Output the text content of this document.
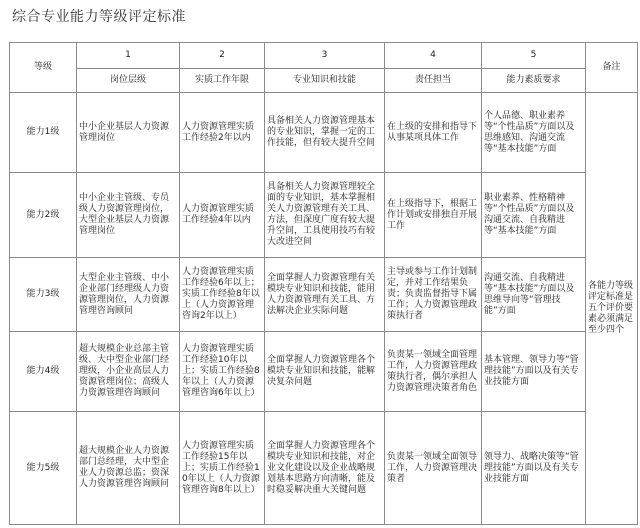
综合专业能力等级评定标准
等级	1	2	3	4	5	备注
	岗位层级	实质工作年限	专业知识和技能	责任担当	能力素质要求	
能力1级	中小企业基层人力资源管理岗位	人力资源管理实质工作经验2年以内	具备相关人力资源管理基本的专业知识，掌握一定的工作技能，但有较大提升空间	在上级的安排和指导下从事某项具体工作	个人品德、职业素养等“个性品质”方面以及思维感知、沟通交流等“基本技能”方面	各能力等级评定标准是五个评价要素必须满足至少四个
能力2级	中小企业主管级、专员级人力资源管理岗位，大型企业基层人力资源管理岗位	人力资源管理实质工作经验4年以内	具备相关人力资源管理较全面的专业知识，基本掌握相关人力资源管理有关工具、方法，但深度广度有较大提升空间，工具使用技巧有较大改进空间	在上级指导下，根据工作计划或安排独自开展工作	职业素养、性格精神等“个性品质”方面以及沟通交流、自我精进等“基本技能”方面	
能力3级	大型企业主管级、中小企业部门经理级人力资源管理岗位，人力资源管理咨询顾问	人力资源管理实质工作经验6年以上；实质工作经验8年以上（人力资源管理咨询2年以上）	全面掌握人力资源管理有关模块专业知识和技能，能用人力资源管理有关工具、方法解决企业实际问题	主导或参与工作计划制定，并对工作结果负责；负责监督指导下属工作；人力资源管理政策执行者	沟通交流、自我精进等“基本技能”方面以及思维导向等“管理技能”方面	
能力4级	超大规模企业总部主管级、大中型企业部门经理级，小企业高层人力资源管理岗位；高级人力资源管理咨询顾问	人力资源管理实质工作经验10年以上；实质工作经验8年以上（人力资源管理咨询6年以上）	全面掌握人力资源管理各个模块专业知识和技能，能解决复杂问题	负责某一领域全面管理工作，人力资源管理政策执行者，偶尔承担人力资源管理决策者角色	基本管理、领导力等“管理技能”方面以及有关专业技能方面	
能力5级	超大规模企业人力资源部门总经理，大中型企业人力资源总监；资深人力资源管理咨询顾问	人力资源管理实质工作经验15年以上；实质工作经验10年以上（人力资源管理咨询8年以上）	全面掌握人力资源管理各个模块专业知识和技能，对企业文化建设以及企业战略规划基本思路方向清晰，能及时稳妥解决重大关键问题	负责某一领域全面领导工作，人力资源管理决策者	领导力、战略决策等“管理技能”方面以及有关专业技能方面	
